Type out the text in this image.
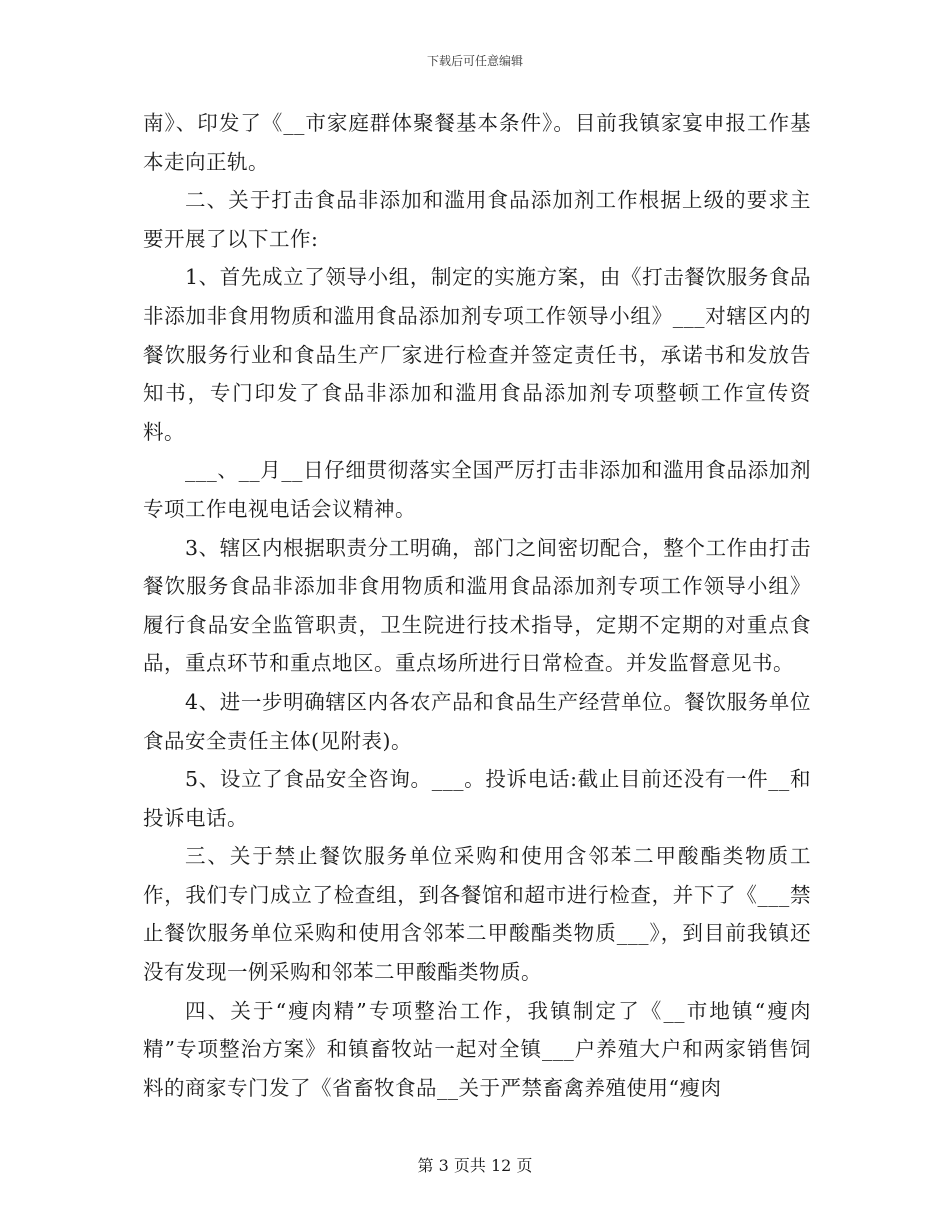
下载后可任意编辑

南》、印发了《__市家庭群体聚餐基本条件》。目前我镇家宴申报工作基本走向正轨。

二、关于打击食品非添加和滥用食品添加剂工作根据上级的要求主要开展了以下工作:

1、首先成立了领导小组，制定的实施方案，由《打击餐饮服务食品非添加非食用物质和滥用食品添加剂专项工作领导小组》___对辖区内的餐饮服务行业和食品生产厂家进行检查并签定责任书，承诺书和发放告知书，专门印发了食品非添加和滥用食品添加剂专项整顿工作宣传资料。

___、__月__日仔细贯彻落实全国严厉打击非添加和滥用食品添加剂专项工作电视电话会议精神。

3、辖区内根据职责分工明确，部门之间密切配合，整个工作由打击餐饮服务食品非添加非食用物质和滥用食品添加剂专项工作领导小组》履行食品安全监管职责，卫生院进行技术指导，定期不定期的对重点食品，重点环节和重点地区。重点场所进行日常检查。并发监督意见书。

4、进一步明确辖区内各农产品和食品生产经营单位。餐饮服务单位食品安全责任主体(见附表)。

5、设立了食品安全咨询。___。投诉电话:截止目前还没有一件__和投诉电话。

三、关于禁止餐饮服务单位采购和使用含邻苯二甲酸酯类物质工作，我们专门成立了检查组，到各餐馆和超市进行检查，并下了《___禁止餐饮服务单位采购和使用含邻苯二甲酸酯类物质___》，到目前我镇还没有发现一例采购和邻苯二甲酸酯类物质。

四、关于“瘦肉精”专项整治工作，我镇制定了《__市地镇“瘦肉精”专项整治方案》和镇畜牧站一起对全镇___户养殖大户和两家销售饲料的商家专门发了《省畜牧食品__关于严禁畜禽养殖使用“瘦肉

第 3 页共 12 页
